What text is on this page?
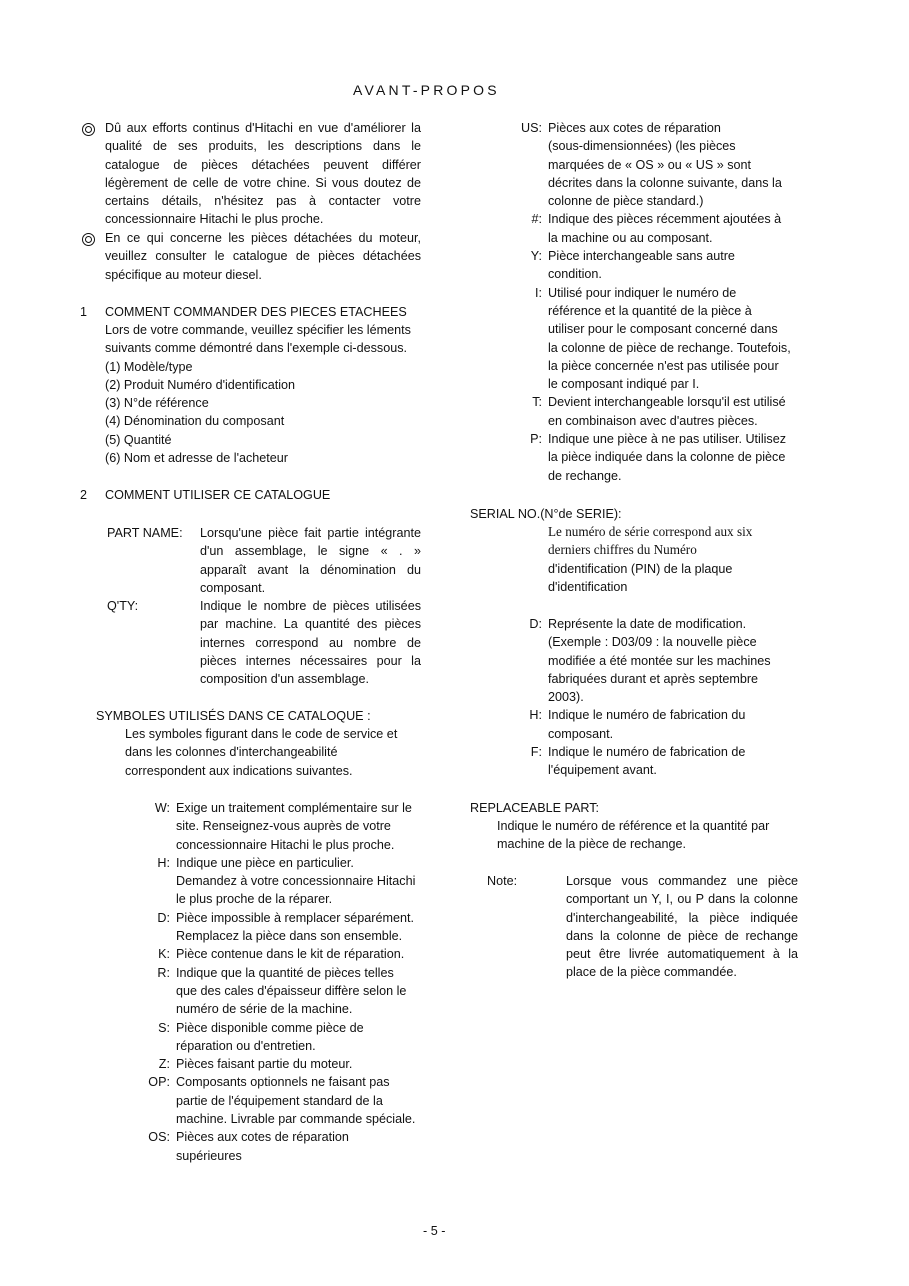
AVANT-PROPOS
Dû aux efforts continus d'Hitachi en vue d'améliorer la
qualité de ses produits, les descriptions dans le
catalogue de pièces détachées peuvent différer
légèrement de celle de votre chine. Si vous doutez de
certains détails, n'hésitez pas à contacter votre
concessionnaire Hitachi le plus proche.
En ce qui concerne les pièces détachées du moteur,
veuillez consulter le catalogue de pièces détachées
spécifique au moteur diesel.
1 COMMENT COMMANDER DES PIECES ETACHEES
Lors de votre commande, veuillez spécifier les léments
suivants comme démontré dans l'exemple ci-dessous.
(1) Modèle/type
(2) Produit Numéro d'identification
(3) N°de référence
(4) Dénomination du composant
(5) Quantité
(6) Nom et adresse de l'acheteur
2 COMMENT UTILISER CE CATALOGUE
PART NAME: Lorsqu'une pièce fait partie intégrante
d'un assemblage, le signe « . »
apparaît avant la dénomination du
composant.
Q'TY:	Indique le nombre de pièces utilisées
par machine. La quantité des pièces
internes correspond au nombre de
pièces internes nécessaires pour la
composition d'un assemblage.
SYMBOLES UTILISÉS DANS CE CATALOQUE :
Les symboles figurant dans le code de service et
dans les colonnes d'interchangeabilité
correspondent aux indications suivantes.
W: Exige un traitement complémentaire sur le
site. Renseignez-vous auprès de votre
concessionnaire Hitachi le plus proche.
H: Indique une pièce en particulier.
Demandez à votre concessionnaire Hitachi
le plus proche de la réparer.
D: Pièce impossible à remplacer séparément.
Remplacez la pièce dans son ensemble.
K: Pièce contenue dans le kit de réparation.
R: Indique que la quantité de pièces telles
que des cales d'épaisseur diffère selon le
numéro de série de la machine.
S: Pièce disponible comme pièce de
réparation ou d'entretien.
Z: Pièces faisant partie du moteur.
OP: Composants optionnels ne faisant pas
partie de l'équipement standard de la
machine. Livrable par commande spéciale.
OS: Pièces aux cotes de réparation
supérieures
US: Pièces aux cotes de réparation
(sous-dimensionnées) (les pièces
marquées de « OS » ou « US » sont
décrites dans la colonne suivante, dans la
colonne de pièce standard.)
#: Indique des pièces récemment ajoutées à
la machine ou au composant.
Y: Pièce interchangeable sans autre
condition.
I: Utilisé pour indiquer le numéro de
référence et la quantité de la pièce à
utiliser pour le composant concerné dans
la colonne de pièce de rechange. Toutefois,
la pièce concernée n'est pas utilisée pour
le composant indiqué par I.
T: Devient interchangeable lorsqu'il est utilisé
en combinaison avec d'autres pièces.
P: Indique une pièce à ne pas utiliser. Utilisez
la pièce indiquée dans la colonne de pièce
de rechange.
SERIAL NO.(N°de SERIE):
Le numéro de série correspond aux six
derniers chiffres du Numéro
d'identification (PIN) de la plaque
d'identification
D: Représente la date de modification.
(Exemple : D03/09 : la nouvelle pièce
modifiée a été montée sur les machines
fabriquées durant et après septembre
2003).
H: Indique le numéro de fabrication du
composant.
F: Indique le numéro de fabrication de
l'équipement avant.
REPLACEABLE PART:
Indique le numéro de référence et la quantité par
machine de la pièce de rechange.
Note:	Lorsque vous commandez une pièce
comportant un Y, I, ou P dans la colonne
d'interchangeabilité, la pièce indiquée
dans la colonne de pièce de rechange
peut être livrée automatiquement à la
place de la pièce commandée.
- 5 -
